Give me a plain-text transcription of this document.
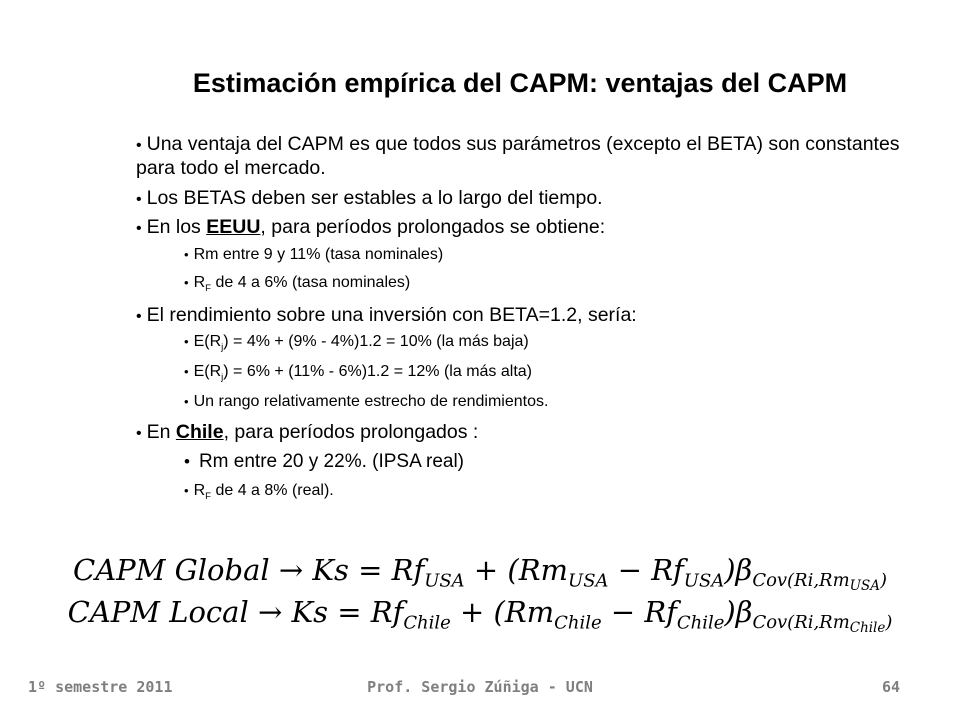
Estimación empírica del CAPM: ventajas del CAPM
• Una ventaja del CAPM es que todos sus parámetros (excepto el BETA) son constantes para todo el mercado.
• Los BETAS deben ser estables a lo largo del tiempo.
• En los EEUU, para períodos prolongados se obtiene:
• Rm entre 9 y 11% (tasa nominales)
• $R_F$ de 4 a 6% (tasa nominales)
• El rendimiento sobre una inversión con BETA=1.2, sería:
• $E(R_j) = 4\% + (9\% - 4\%)1.2 = 10\%$ (la más baja)
• $E(R_j) = 6\% + (11\% - 6\%)1.2 = 12\%$ (la más alta)
• Un rango relativamente estrecho de rendimientos.
• En Chile, para períodos prolongados :
• Rm entre 20 y 22%. (IPSA real)
• $R_F$ de 4 a 8% (real).
CAPM Global → $Ks = Rf_{USA} + (Rm_{USA} - Rf_{USA})\beta_{Cov(Ri,Rm_{USA})}$
CAPM Local → $Ks = Rf_{Chile} + (Rm_{Chile} - Rf_{Chile})\beta_{Cov(Ri,Rm_{Chile})}$
1º semestre 2011	Prof. Sergio Zúñiga - UCN	64
